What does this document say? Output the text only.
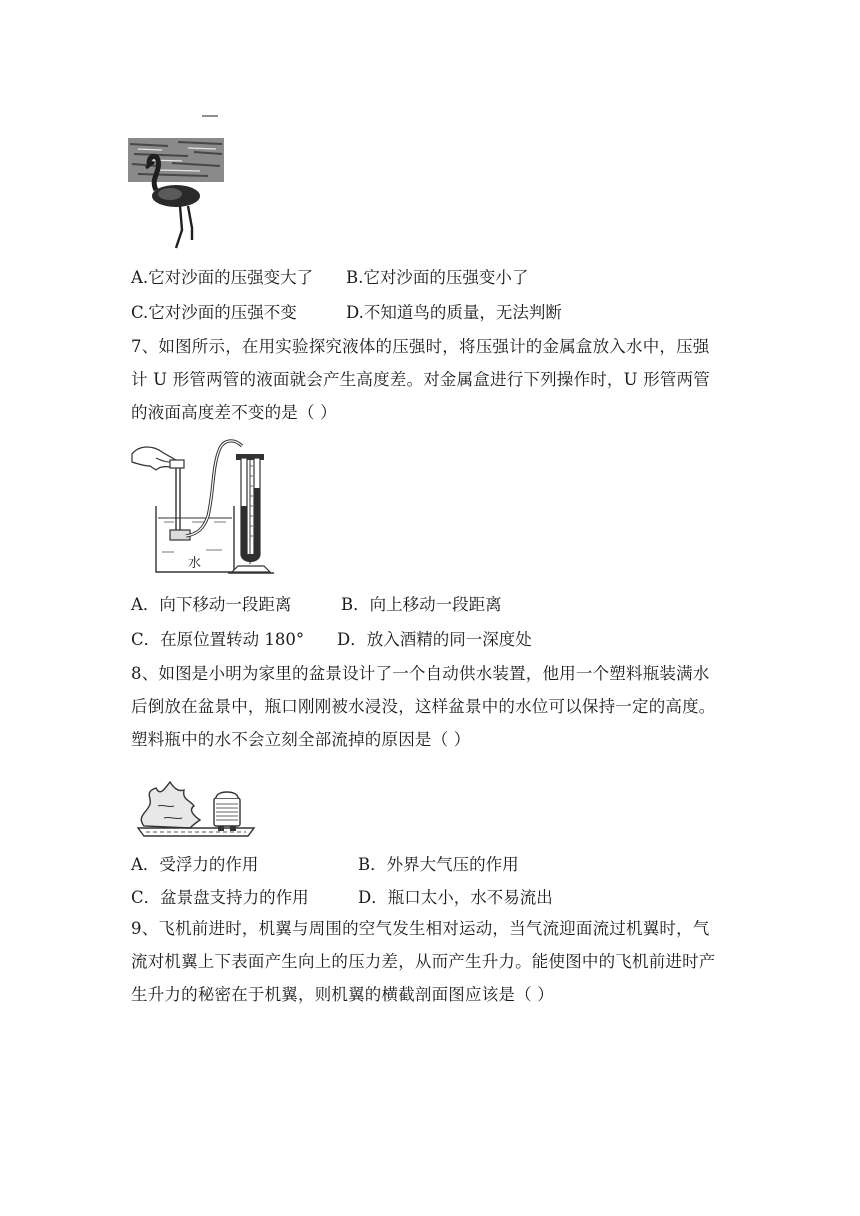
A.它对沙面的压强变大了 B.它对沙面的压强变小了
C.它对沙面的压强不变	D.不知道鸟的质量，无法判断
7、如图所示，在用实验探究液体的压强时，将压强计的金属盒放入水中，压强
计 U 形管两管的液面就会产生高度差。对金属盒进行下列操作时，U 形管两管
的液面高度差不变的是（ ）
水
A．向下移动一段距离	B．向上移动一段距离
C．在原位置转动 180° D．放入酒精的同一深度处
8、如图是小明为家里的盆景设计了一个自动供水装置，他用一个塑料瓶装满水
后倒放在盆景中，瓶口刚刚被水浸没，这样盆景中的水位可以保持一定的高度。
塑料瓶中的水不会立刻全部流掉的原因是（ ）
A．受浮力的作用	B．外界大气压的作用
C．盆景盘支持力的作用	D．瓶口太小，水不易流出
9、飞机前进时，机翼与周围的空气发生相对运动，当气流迎面流过机翼时，气
流对机翼上下表面产生向上的压力差，从而产生升力。能使图中的飞机前进时产
生升力的秘密在于机翼，则机翼的横截剖面图应该是（ ）
